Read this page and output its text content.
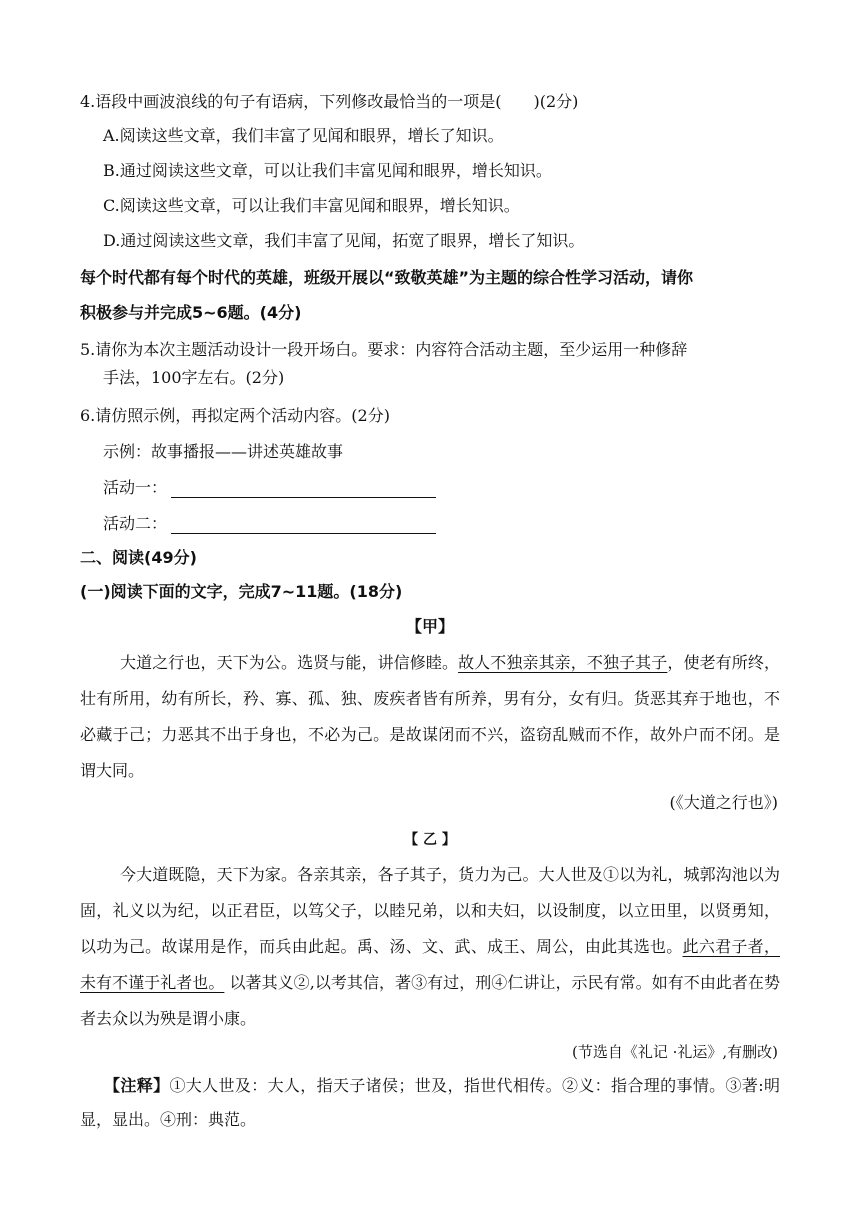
4.语段中画波浪线的句子有语病，下列修改最恰当的一项是(　　)(2分)
A.阅读这些文章，我们丰富了见闻和眼界，增长了知识。
B.通过阅读这些文章，可以让我们丰富见闻和眼界，增长知识。
C.阅读这些文章，可以让我们丰富见闻和眼界，增长知识。
D.通过阅读这些文章，我们丰富了见闻，拓宽了眼界，增长了知识。
每个时代都有每个时代的英雄，班级开展以“致敬英雄”为主题的综合性学习活动，请你
积极参与并完成5~6题。(4分)
5.请你为本次主题活动设计一段开场白。要求：内容符合活动主题，至少运用一种修辞
手法，100字左右。(2分)
6.请仿照示例，再拟定两个活动内容。(2分)
示例：故事播报——讲述英雄故事
活动一：
活动二：
二、阅读(49分)
(一)阅读下面的文字，完成7~11题。(18分)
【甲】
大道之行也，天下为公。选贤与能，讲信修睦。故人不独亲其亲，不独子其子，使老有所终，壮有所用，幼有所长，矜、寡、孤、独、废疾者皆有所养，男有分，女有归。货恶其弃于地也，不必藏于己；力恶其不出于身也，不必为己。是故谋闭而不兴，盗窃乱贼而不作，故外户而不闭。是谓大同。
(《大道之行也》)
【 乙 】
今大道既隐，天下为家。各亲其亲，各子其子，货力为己。大人世及①以为礼，城郭沟池以为固，礼义以为纪，以正君臣，以笃父子，以睦兄弟，以和夫妇，以设制度，以立田里，以贤勇知，以功为己。故谋用是作，而兵由此起。禹、汤、文、武、成王、周公，由此其选也。此六君子者，未有不谨于礼者也。 以著其义②,以考其信，著③有过，刑④仁讲让，示民有常。如有不由此者在势者去众以为殃是谓小康。
(节选自《礼记 ·礼运》,有删改)
【注释】①大人世及：大人，指天子诸侯；世及，指世代相传。②义：指合理的事情。③著:明显，显出。④刑：典范。
